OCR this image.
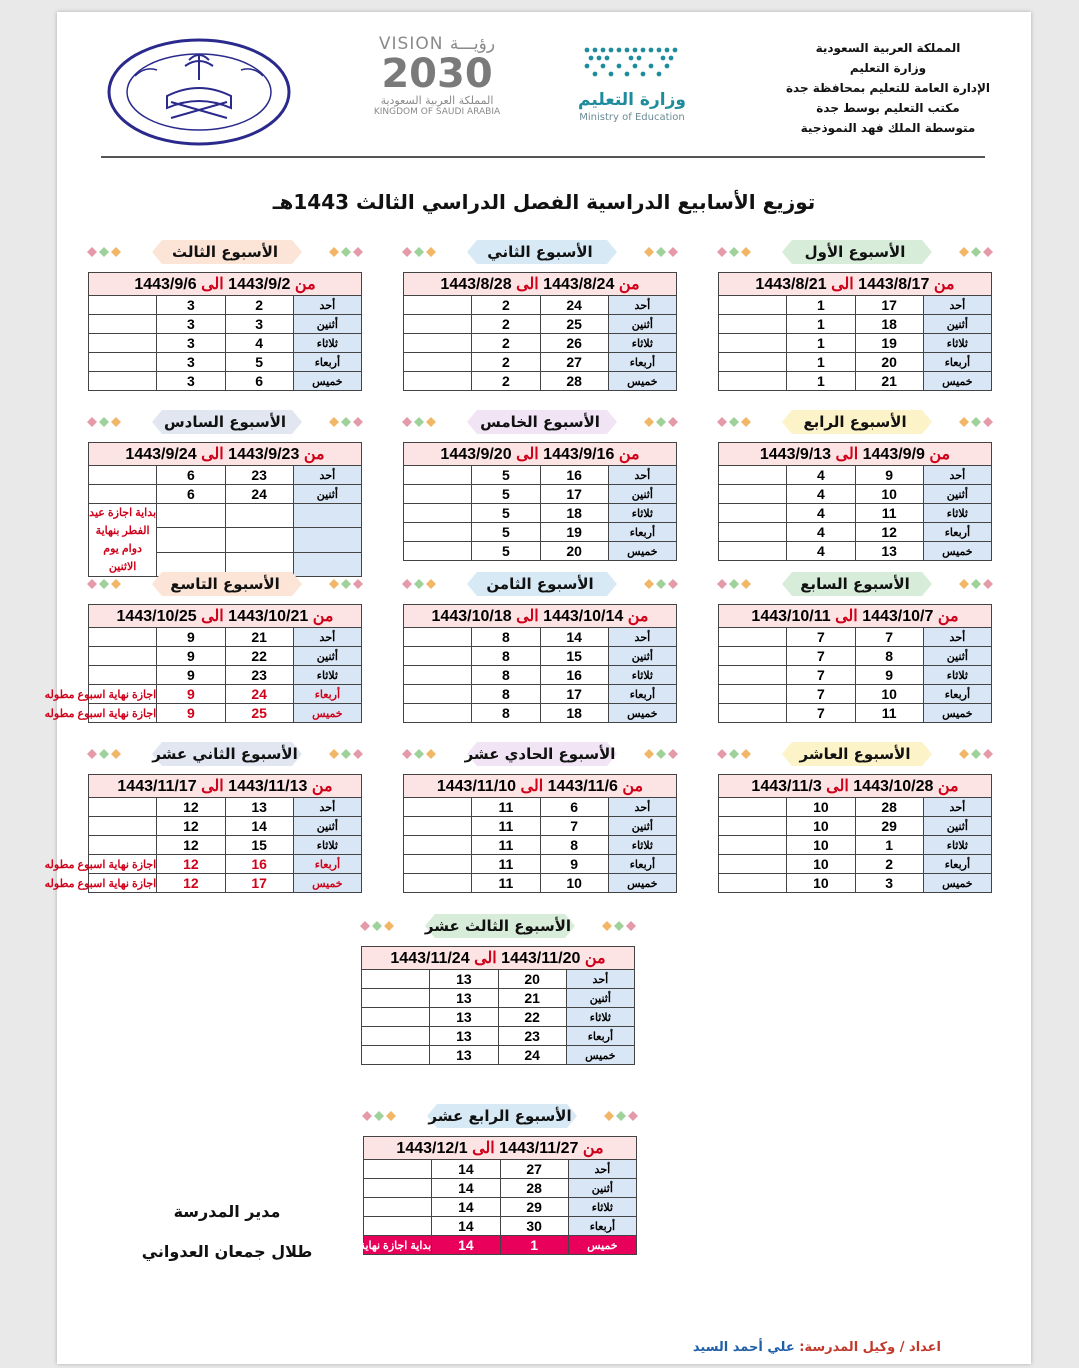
المملكة العربية السعودية
وزارة التعليم
الإدارة العامة للتعليم بمحافظة جدة
مكتب التعليم بوسط جدة
متوسطة الملك فهد النموذجية
وزارة التعليم
Ministry of Education
VISION رؤيـــة
2030
المملكة العربية السعودية
KINGDOM OF SAUDI ARABIA
توزيع الأسابيع الدراسية الفصل الدراسي الثالث 1443هـ
الأسبوع الأول
من 1443/8/17 الى 1443/8/21			
أحد	17	1	
أثنين	18	1	
ثلاثاء	19	1	
أربعاء	20	1	
خميس	21	1	
الأسبوع الثاني
من 1443/8/24 الى 1443/8/28			
أحد	24	2	
أثنين	25	2	
ثلاثاء	26	2	
أربعاء	27	2	
خميس	28	2	
الأسبوع الثالث
من 1443/9/2 الى 1443/9/6			
أحد	2	3	
أثنين	3	3	
ثلاثاء	4	3	
أربعاء	5	3	
خميس	6	3	
الأسبوع الرابع
من 1443/9/9 الى 1443/9/13			
أحد	9	4	
أثنين	10	4	
ثلاثاء	11	4	
أربعاء	12	4	
خميس	13	4	
الأسبوع الخامس
من 1443/9/16 الى 1443/9/20			
أحد	16	5	
أثنين	17	5	
ثلاثاء	18	5	
أربعاء	19	5	
خميس	20	5	
الأسبوع السادس
من 1443/9/23 الى 1443/9/24			
أحد	23	6	
أثنين	24	6	
			بداية اجازة عيد الفطر بنهاية دوام يوم الاثنين

الأسبوع السابع
من 1443/10/7 الى 1443/10/11			
أحد	7	7	
أثنين	8	7	
ثلاثاء	9	7	
أربعاء	10	7	
خميس	11	7	
الأسبوع الثامن
من 1443/10/14 الى 1443/10/18			
أحد	14	8	
أثنين	15	8	
ثلاثاء	16	8	
أربعاء	17	8	
خميس	18	8	
الأسبوع التاسع
من 1443/10/21 الى 1443/10/25			
أحد	21	9	
أثنين	22	9	
ثلاثاء	23	9	
أربعاء	24	9	اجازة نهاية اسبوع مطوله
خميس	25	9	اجازة نهاية اسبوع مطوله
الأسبوع العاشر
من 1443/10/28 الى 1443/11/3			
أحد	28	10	
أثنين	29	10	
ثلاثاء	1	10	
أربعاء	2	10	
خميس	3	10	
الأسبوع الحادي عشر
من 1443/11/6 الى 1443/11/10			
أحد	6	11	
أثنين	7	11	
ثلاثاء	8	11	
أربعاء	9	11	
خميس	10	11	
الأسبوع الثاني عشر
من 1443/11/13 الى 1443/11/17			
أحد	13	12	
أثنين	14	12	
ثلاثاء	15	12	
أربعاء	16	12	اجازة نهاية اسبوع مطوله
خميس	17	12	اجازة نهاية اسبوع مطوله
الأسبوع الثالث عشر
من 1443/11/20 الى 1443/11/24			
أحد	20	13	
أثنين	21	13	
ثلاثاء	22	13	
أربعاء	23	13	
خميس	24	13	
الأسبوع الرابع عشر
من 1443/11/27 الى 1443/12/1			
أحد	27	14	
أثنين	28	14	
ثلاثاء	29	14	
أربعاء	30	14	
خميس	1	14	بداية اجازة نهاية العام
مدير المدرسة
طلال جمعان العدواني
اعداد / وكيل المدرسة: علي أحمد السيد
